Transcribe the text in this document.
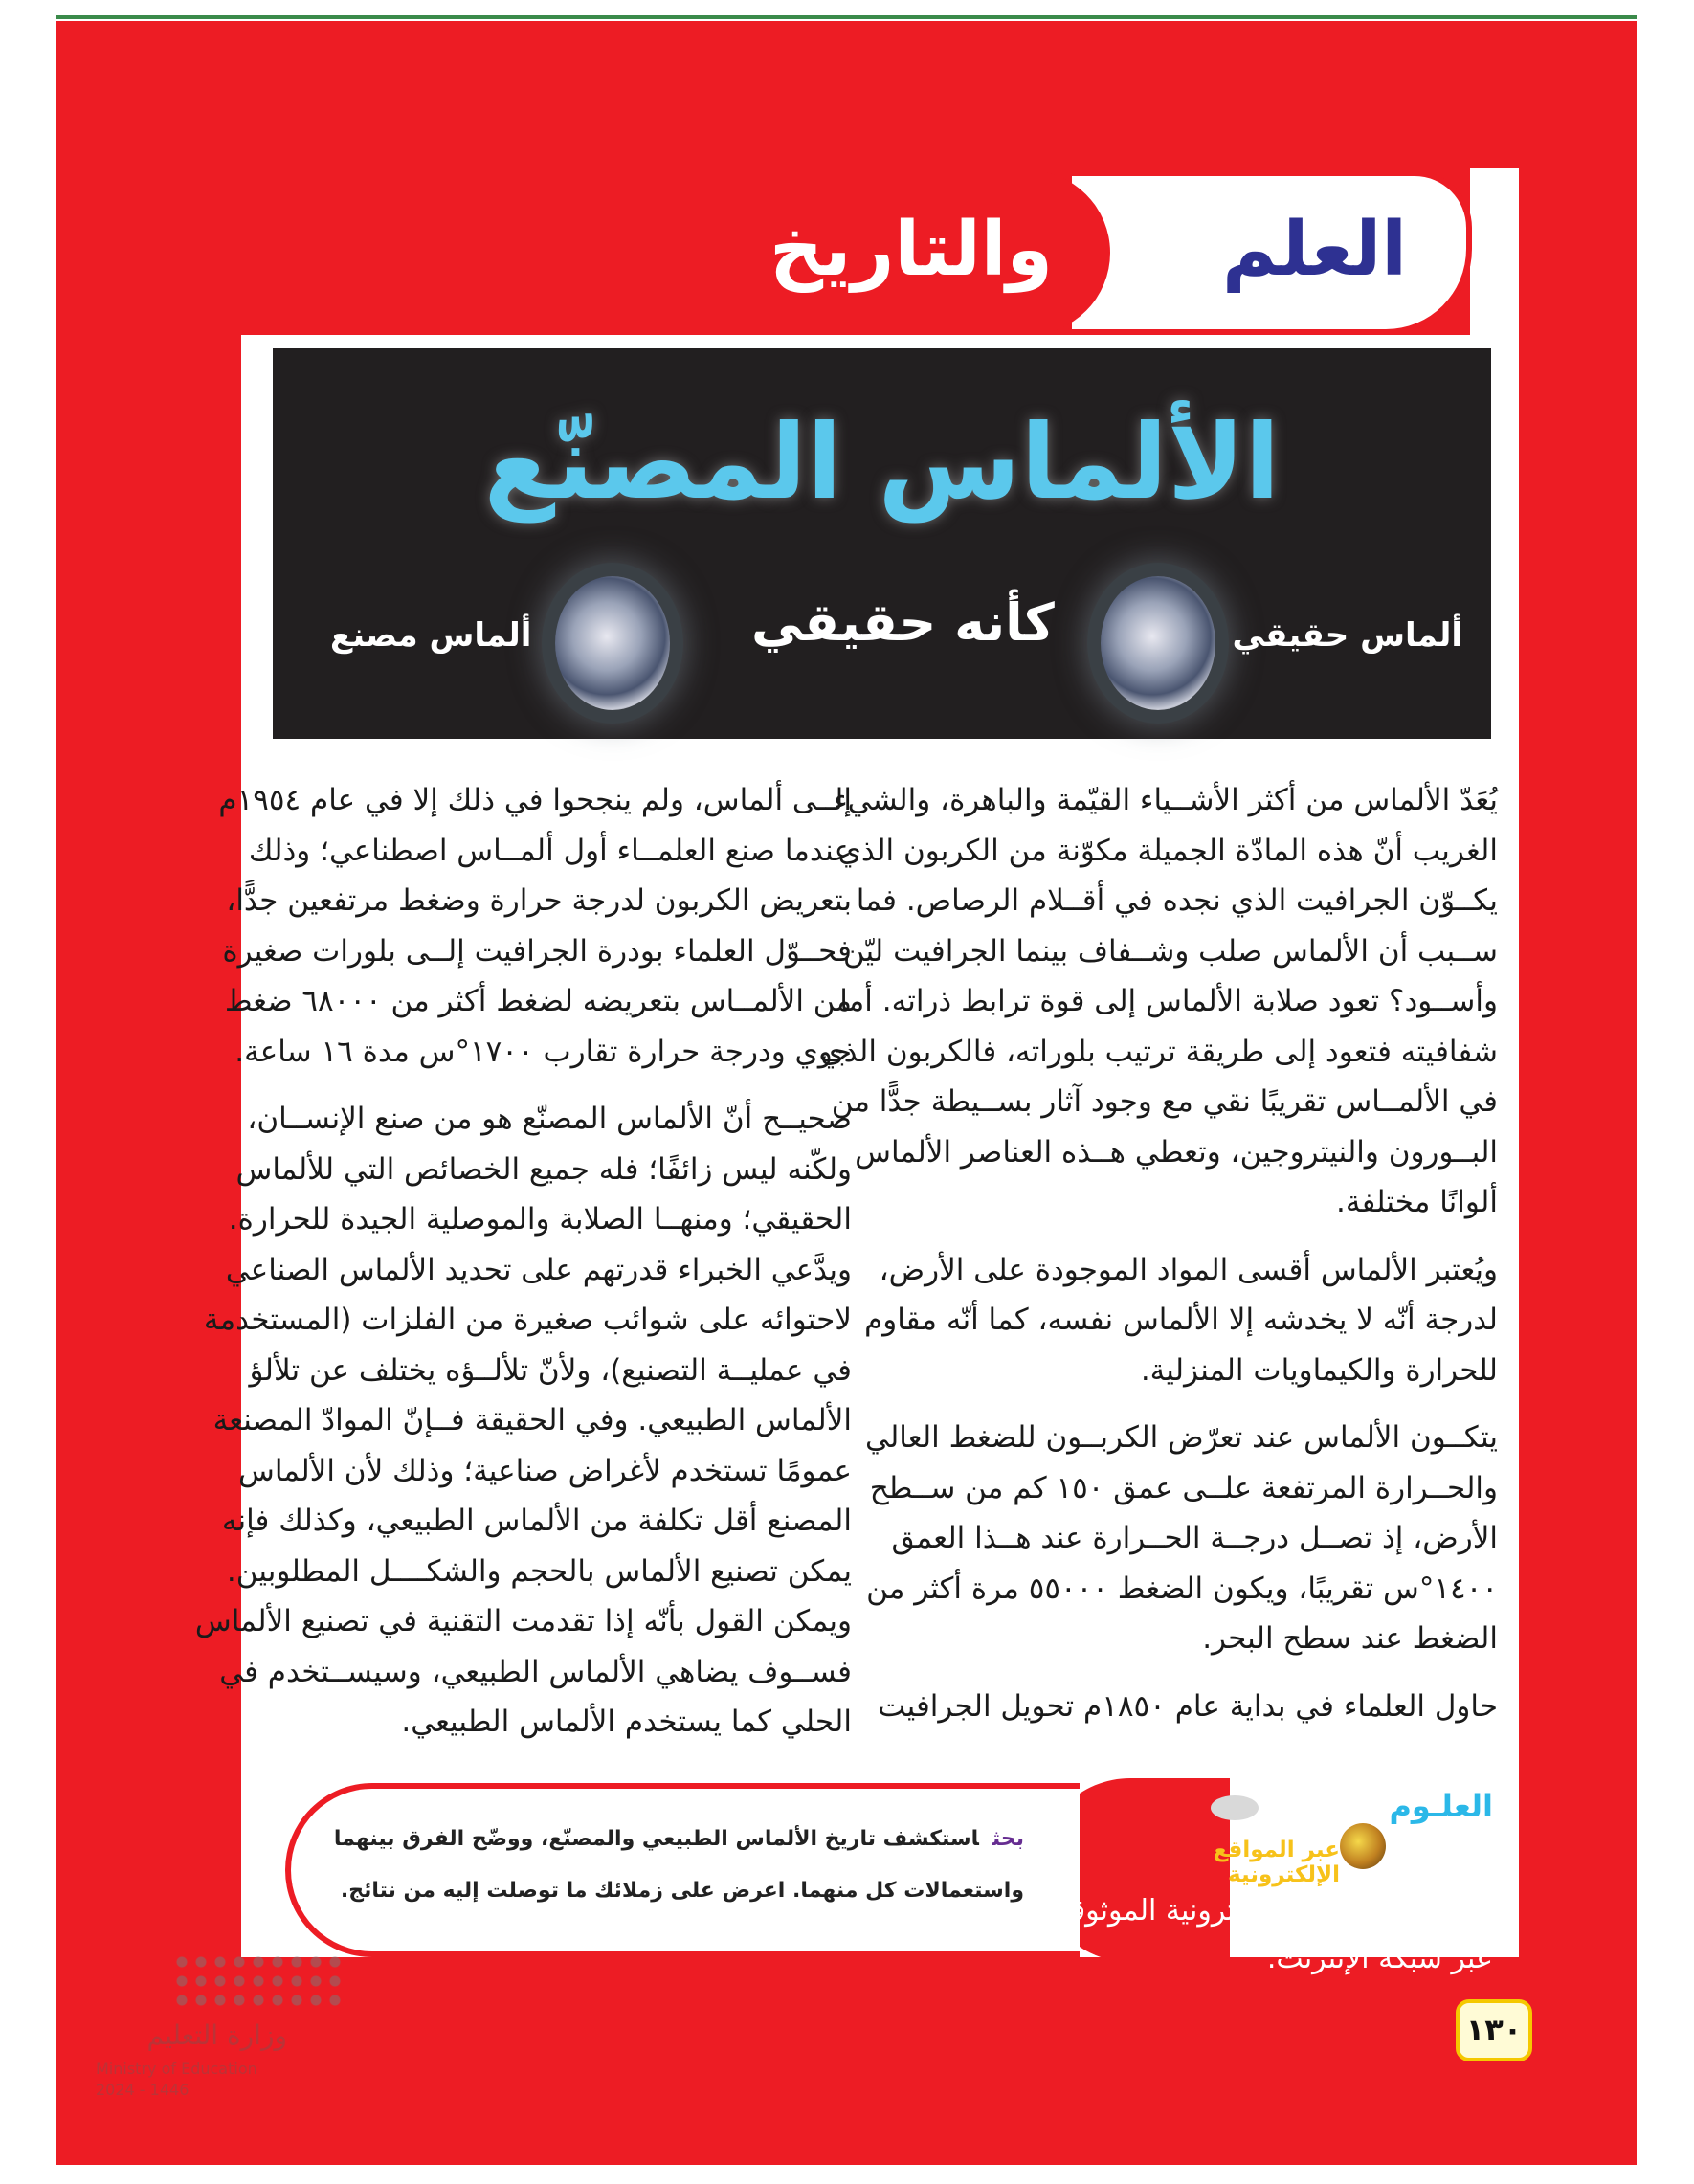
العلم
والتاريخ
الألماس المصنّع
ألماس حقيقي
كأنه حقيقي
ألماس مصنع
يُعَدّ الألماس من أكثر الأشــياء القيّمة والباهرة، والشيء
الغريب أنّ هذه المادّة الجميلة مكوّنة من الكربون الذي
يكــوّن الجرافيت الذي نجده في أقــلام الرصاص. فما
ســبب أن الألماس صلب وشــفاف بينما الجرافيت ليّن
وأســود؟ تعود صلابة الألماس إلى قوة ترابط ذراته. أما
شفافيته فتعود إلى طريقة ترتيب بلوراته، فالكربون الذي
في الألمــاس تقريبًا نقي مع وجود آثار بســيطة جدًّا من
البــورون والنيتروجين، وتعطي هــذه العناصر الألماس
ألوانًا مختلفة.
ويُعتبر الألماس أقسى المواد الموجودة على الأرض،
لدرجة أنّه لا يخدشه إلا الألماس نفسه، كما أنّه مقاوم
للحرارة والكيماويات المنزلية.
يتكــون الألماس عند تعرّض الكربــون للضغط العالي
والحــرارة المرتفعة علــى عمق ١٥٠ كم من ســطح
الأرض، إذ تصــل درجــة الحــرارة عند هــذا العمق
١٤٠٠°س تقريبًا، ويكون الضغط ٥٥٠٠٠ مرة أكثر من
الضغط عند سطح البحر.
حاول العلماء في بداية عام ١٨٥٠م تحويل الجرافيت
إلــى ألماس، ولم ينجحوا في ذلك إلا في عام ١٩٥٤م
عندما صنع العلمــاء أول ألمــاس اصطناعي؛ وذلك
بتعريض الكربون لدرجة حرارة وضغط مرتفعين جدًّا،
فحــوّل العلماء بودرة الجرافيت إلــى بلورات صغيرة
من الألمــاس بتعريضه لضغط أكثر من ٦٨٠٠٠ ضغط
جوي ودرجة حرارة تقارب ١٧٠٠°س مدة ١٦ ساعة.
صحيــح أنّ الألماس المصنّع هو من صنع الإنســان،
ولكّنه ليس زائفًا؛ فله جميع الخصائص التي للألماس
الحقيقي؛ ومنهــا الصلابة والموصلية الجيدة للحرارة.
ويدَّعي الخبراء قدرتهم على تحديد الألماس الصناعي
لاحتوائه على شوائب صغيرة من الفلزات (المستخدمة
في عمليــة التصنيع)، ولأنّ تلألــؤه يختلف عن تلألؤ
الألماس الطبيعي. وفي الحقيقة فــإنّ الموادّ المصنعة
عمومًا تستخدم لأغراض صناعية؛ وذلك لأن الألماس
المصنع أقل تكلفة من الألماس الطبيعي، وكذلك فإنه
يمكن تصنيع الألماس بالحجم والشكــــل المطلوبين.
ويمكن القول بأنّه إذا تقدمت التقنية في تصنيع الألماس
فســوف يضاهي الألماس الطبيعي، وسيســتخدم في
الحلي كما يستخدم الألماس الطبيعي.
بحثاستكشف تاريخ الألماس الطبيعي والمصنّع، ووضّح الفرق بينهما
واستعمالات كل منهما. اعرض على زملائك ما توصلت إليه من نتائج.
العلـوم
عبر المواقع الإلكترونية
ارجع إلى المواقع الإلكترونية الموثوقة
عبر شبكة الإنترنت.
١٣٠
وزارة التعليم
Ministry of Education
2024 - 1446
